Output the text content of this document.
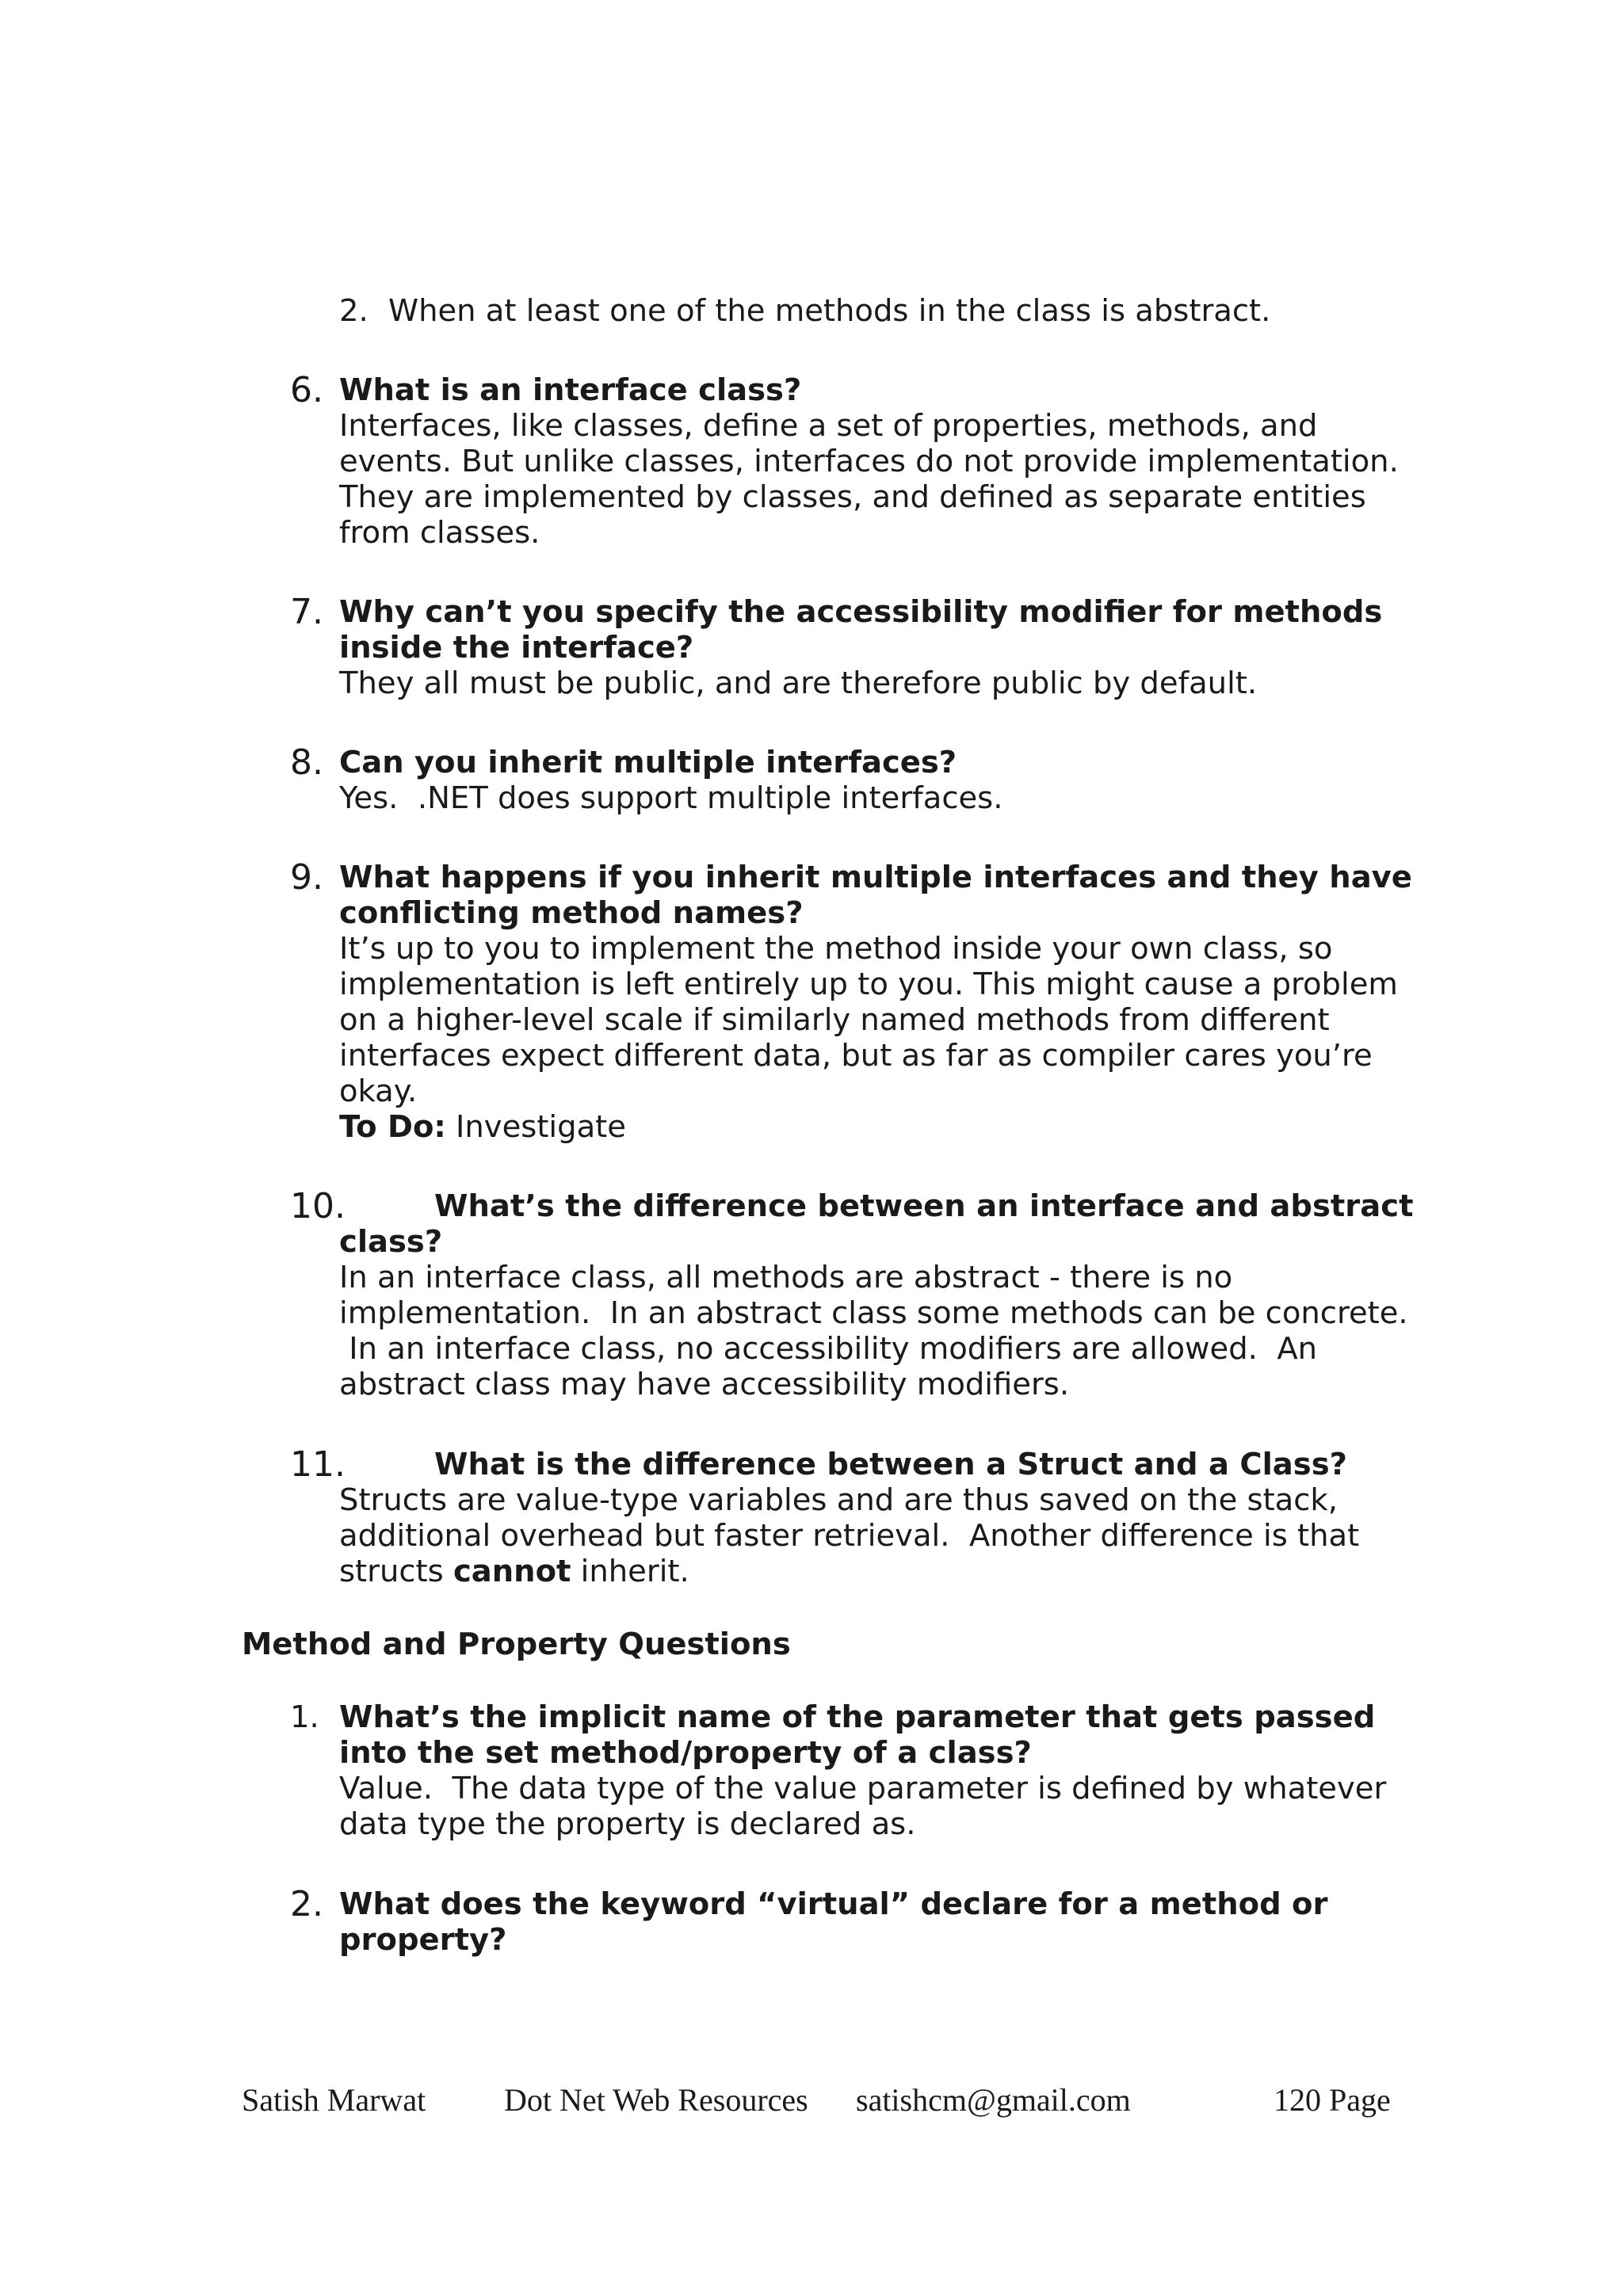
2. When at least one of the methods in the class is abstract.
6. What is an interface class?
Interfaces, like classes, define a set of properties, methods, and
events. But unlike classes, interfaces do not provide implementation.
They are implemented by classes, and defined as separate entities
from classes.
7. Why can’t you specify the accessibility modifier for methods
inside the interface?
They all must be public, and are therefore public by default.
8. Can you inherit multiple interfaces?
Yes.  .NET does support multiple interfaces.
9. What happens if you inherit multiple interfaces and they have
conflicting method names?
It’s up to you to implement the method inside your own class, so
implementation is left entirely up to you. This might cause a problem
on a higher-level scale if similarly named methods from different
interfaces expect different data, but as far as compiler cares you’re
okay.
To Do: Investigate
10.	What’s the difference between an interface and abstract
class?
In an interface class, all methods are abstract - there is no
implementation.  In an abstract class some methods can be concrete.
In an interface class, no accessibility modifiers are allowed.  An
abstract class may have accessibility modifiers.
11.	What is the difference between a Struct and a Class?
Structs are value-type variables and are thus saved on the stack,
additional overhead but faster retrieval.  Another difference is that
structs cannot inherit.
Method and Property Questions
1. What’s the implicit name of the parameter that gets passed
into the set method/property of a class?
Value.  The data type of the value parameter is defined by whatever
data type the property is declared as.
2. What does the keyword “virtual” declare for a method or
property?
Satish Marwat Dot Net Web Resources satishcm@gmail.com	120 Page
